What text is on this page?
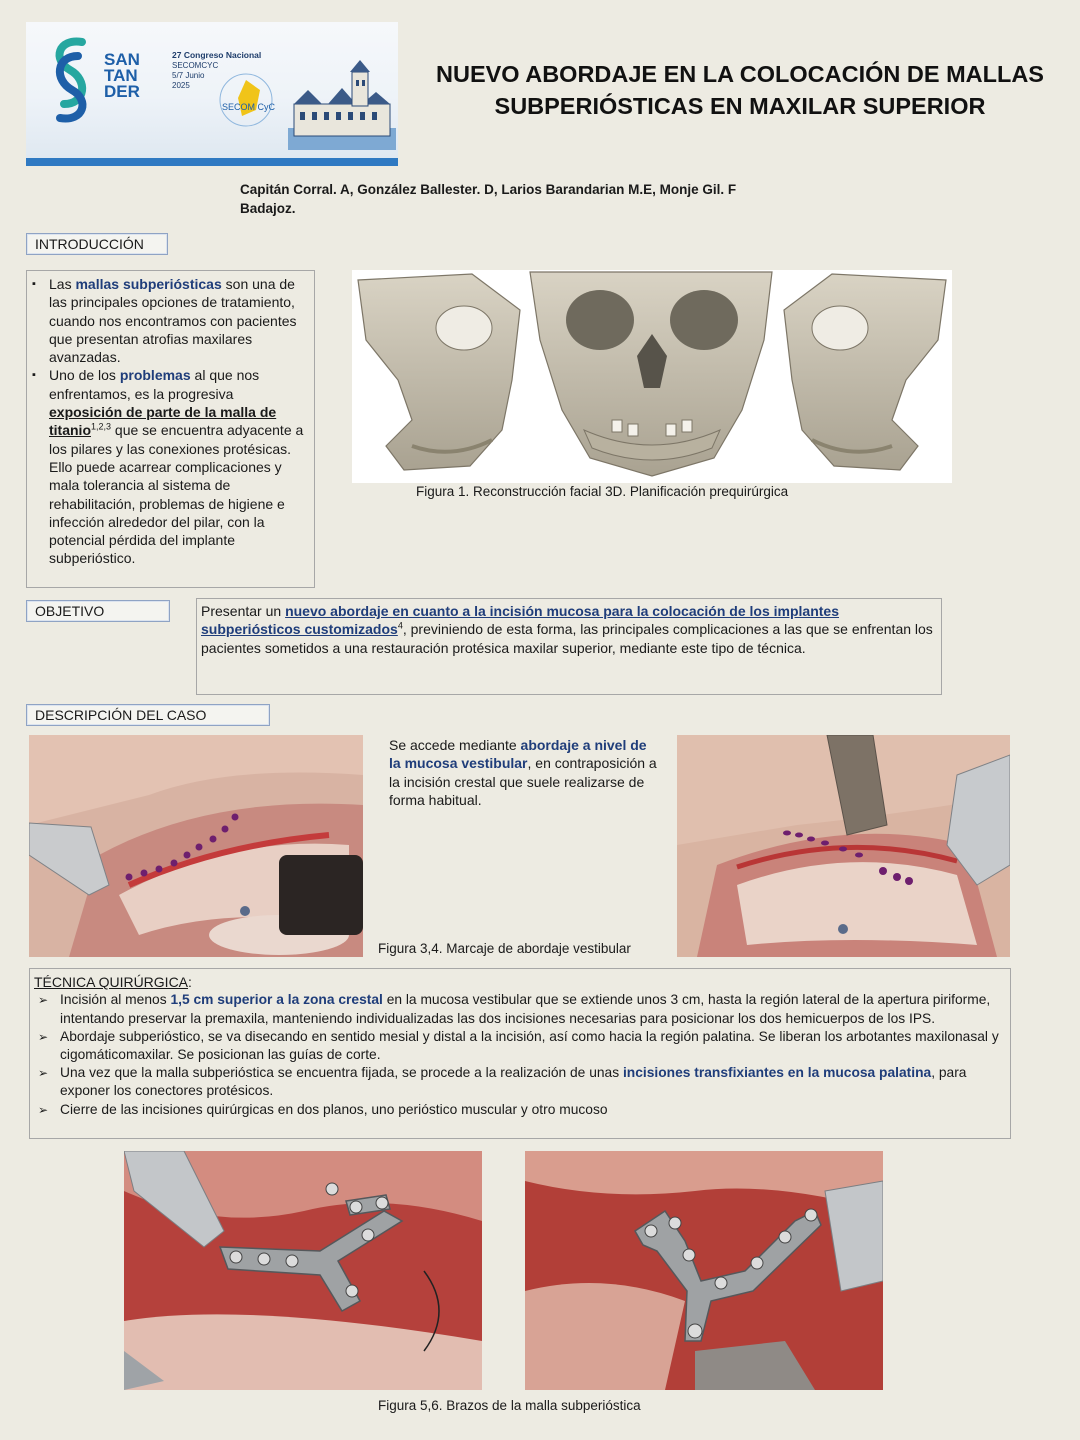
SAN
TAN
DER
27 Congreso Nacional
SECOMCYC
5/7 Junio
2025
SECOM CyC
NUEVO ABORDAJE EN LA COLOCACIÓN DE MALLAS
SUBPERIÓSTICAS EN MAXILAR SUPERIOR
Capitán Corral. A, González Ballester. D, Larios Barandarian M.E, Monje Gil. F
Badajoz.
INTRODUCCIÓN
▪ Las mallas subperiósticas son una de las principales opciones de tratamiento, cuando nos encontramos con pacientes que presentan atrofias maxilares avanzadas.
▪ Uno de los problemas al que nos enfrentamos, es la progresiva exposición de parte de la malla de titanio$^{1,2,3}$ que se encuentra adyacente a los pilares y las conexiones protésicas. Ello puede acarrear complicaciones y mala tolerancia al sistema de rehabilitación, problemas de higiene e infección alrededor del pilar, con la potencial pérdida del implante subperióstico.
Figura 1. Reconstrucción facial 3D. Planificación prequirúrgica
OBJETIVO	Presentar un nuevo abordaje en cuanto a la incisión mucosa para la colocación de los implantes subperiósticos customizados$^4$, previniendo de esta forma, las principales complicaciones a las que se enfrentan los pacientes sometidos a una restauración protésica maxilar superior, mediante este tipo de técnica.
DESCRIPCIÓN DEL CASO
Se accede mediante abordaje a nivel de la mucosa vestibular, en contraposición a la incisión crestal que suele realizarse de forma habitual.
Figura 3,4. Marcaje de abordaje vestibular
TÉCNICA QUIRÚRGICA:
➢ Incisión al menos 1,5 cm superior a la zona crestal en la mucosa vestibular que se extiende unos 3 cm, hasta la región lateral de la apertura piriforme, intentando preservar la premaxila, manteniendo individualizadas las dos incisiones necesarias para posicionar los dos hemicuerpos de los IPS.
➢ Abordaje subperióstico, se va disecando en sentido mesial y distal a la incisión, así como hacia la región palatina. Se liberan los arbotantes maxilonasal y cigomáticomaxilar. Se posicionan las guías de corte.
➢ Una vez que la malla subperióstica se encuentra fijada, se procede a la realización de unas incisiones transfixiantes en la mucosa palatina, para exponer los conectores protésicos.
➢ Cierre de las incisiones quirúrgicas en dos planos, uno perióstico muscular y otro mucoso
Figura 5,6. Brazos de la malla subperióstica
